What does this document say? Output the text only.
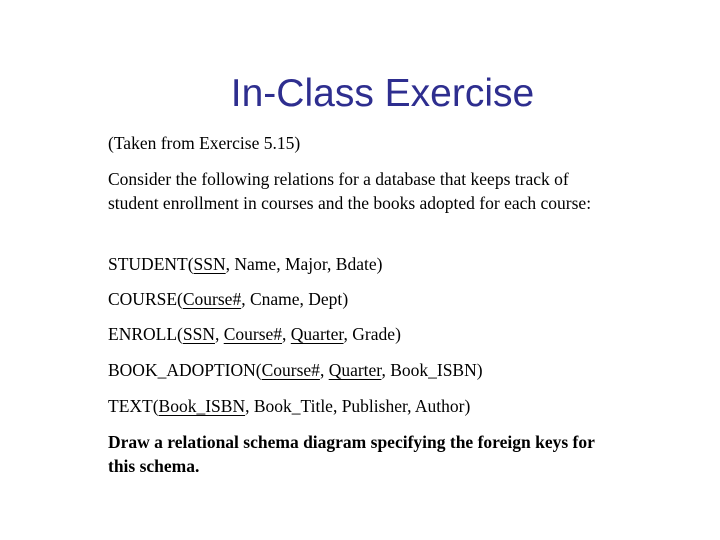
In-Class Exercise

(Taken from Exercise 5.15)

Consider the following relations for a database that keeps track of student enrollment in courses and the books adopted for each course:

STUDENT(SSN, Name, Major, Bdate)

COURSE(Course#, Cname, Dept)

ENROLL(SSN, Course#, Quarter, Grade)

BOOK_ADOPTION(Course#, Quarter, Book_ISBN)

TEXT(Book_ISBN, Book_Title, Publisher, Author)

Draw a relational schema diagram specifying the foreign keys for this schema.
